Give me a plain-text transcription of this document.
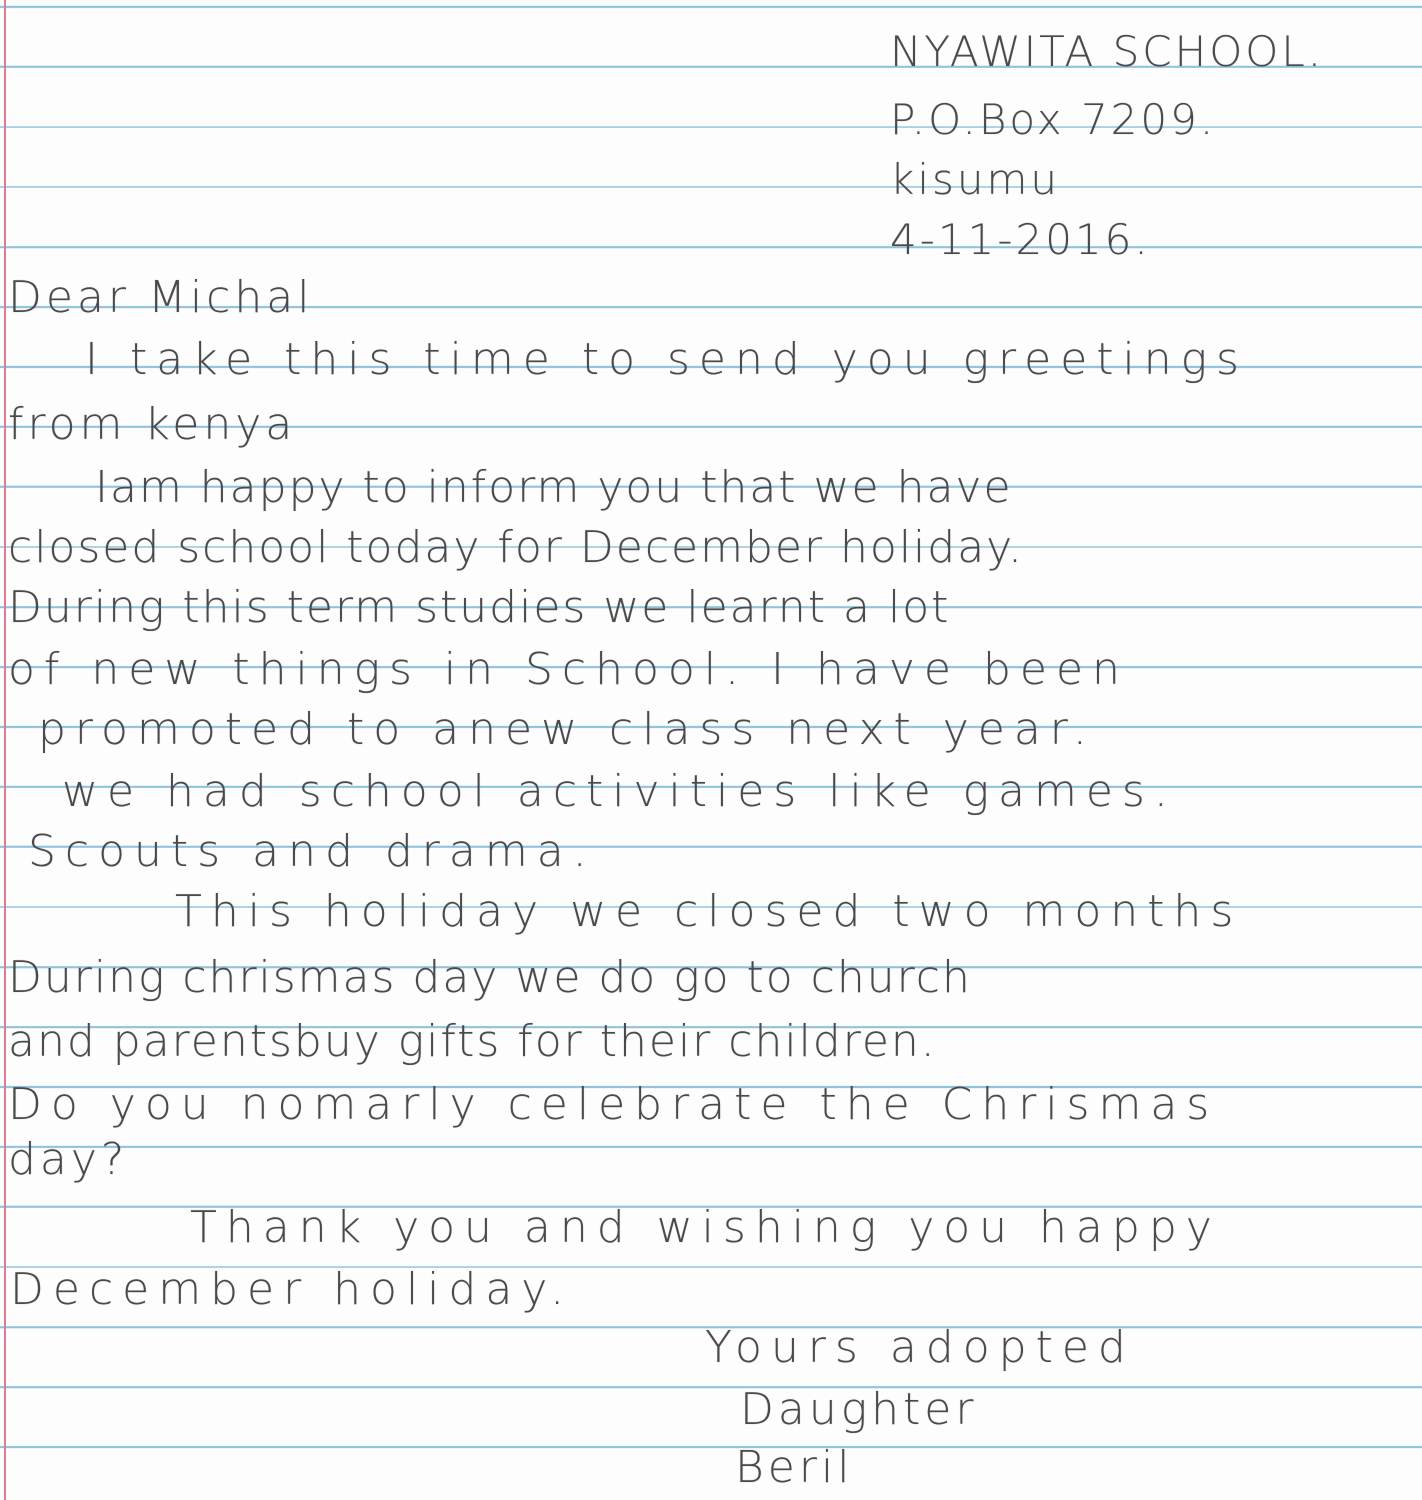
NYAWITA SCHOOL.
P.O.Box 7209.
kisumu
4-11-2016.
Dear Michal
I take this time to send you greetings
from kenya
Iam happy to inform you that we have
closed school today for December holiday.
During this term studies we learnt a lot
of new things in School. I have been
promoted to anew class next year.
we had school activities like games.
Scouts and drama.
This holiday we closed two months
During chrismas day we do go to church
and parentsbuy gifts for their children.
Do you nomarly celebrate the Chrismas
day?
Thank you and wishing you happy
December holiday.
Yours adopted
Daughter
Beril
